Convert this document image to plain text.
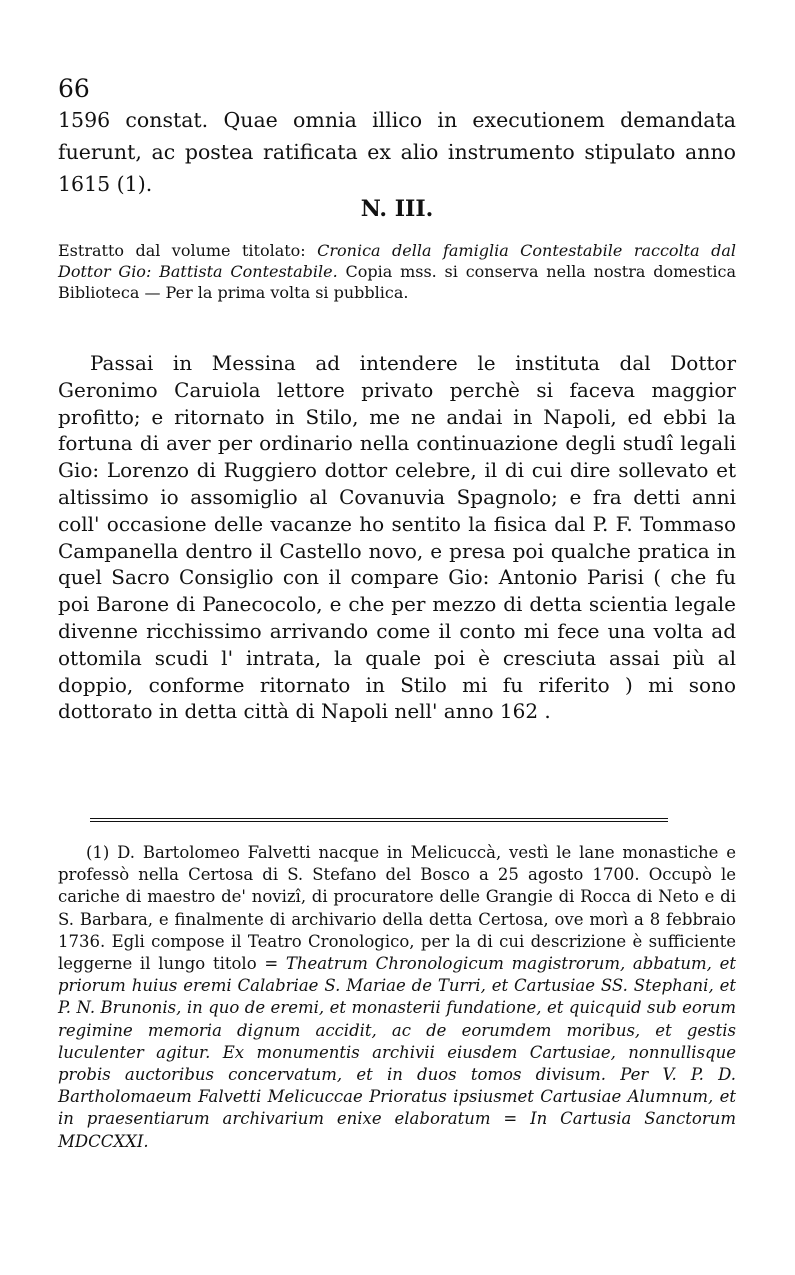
66
1596 constat. Quae omnia illico in executionem demandata fuerunt, ac postea ratificata ex alio instrumento stipulato anno 1615 (1).
N. III.
Estratto dal volume titolato: Cronica della famiglia Contestabile raccolta dal Dottor Gio: Battista Contestabile. Copia mss. si conserva nella nostra domestica Biblioteca — Per la prima volta si pubblica.
Passai in Messina ad intendere le instituta dal Dottor Geronimo Caruiola lettore privato perchè si faceva maggior profitto; e ritornato in Stilo, me ne andai in Napoli, ed ebbi la fortuna di aver per ordinario nella continuazione degli studî legali Gio: Lorenzo di Ruggiero dottor celebre, il di cui dire sollevato et altissimo io assomiglio al Covanuvia Spagnolo; e fra detti anni coll' occasione delle vacanze ho sentito la fisica dal P. F. Tommaso Campanella dentro il Castello novo, e presa poi qualche pratica in quel Sacro Consiglio con il compare Gio: Antonio Parisi ( che fu poi Barone di Panecocolo, e che per mezzo di detta scientia legale divenne ricchissimo arrivando come il conto mi fece una volta ad ottomila scudi l' intrata, la quale poi è cresciuta assai più al doppio, conforme ritornato in Stilo mi fu riferito ) mi sono dottorato in detta città di Napoli nell' anno 162 .
(1) D. Bartolomeo Falvetti nacque in Melicuccà, vestì le lane monastiche e professò nella Certosa di S. Stefano del Bosco a 25 agosto 1700. Occupò le cariche di maestro de' novizî, di procuratore delle Grangie di Rocca di Neto e di S. Barbara, e finalmente di archivario della detta Certosa, ove morì a 8 febbraio 1736. Egli compose il Teatro Cronologico, per la di cui descrizione è sufficiente leggerne il lungo titolo = Theatrum Chronologicum magistrorum, abbatum, et priorum huius eremi Calabriae S. Mariae de Turri, et Cartusiae SS. Stephani, et P. N. Brunonis, in quo de eremi, et monasterii fundatione, et quicquid sub eorum regimine memoria dignum accidit, ac de eorumdem moribus, et gestis luculenter agitur. Ex monumentis archivii eiusdem Cartusiae, nonnullisque probis auctoribus concervatum, et in duos tomos divisum. Per V. P. D. Bartholomaeum Falvetti Melicuccae Prioratus ipsiusmet Cartusiae Alumnum, et in praesentiarum archivarium enixe elaboratum = In Cartusia Sanctorum MDCCXXI.
